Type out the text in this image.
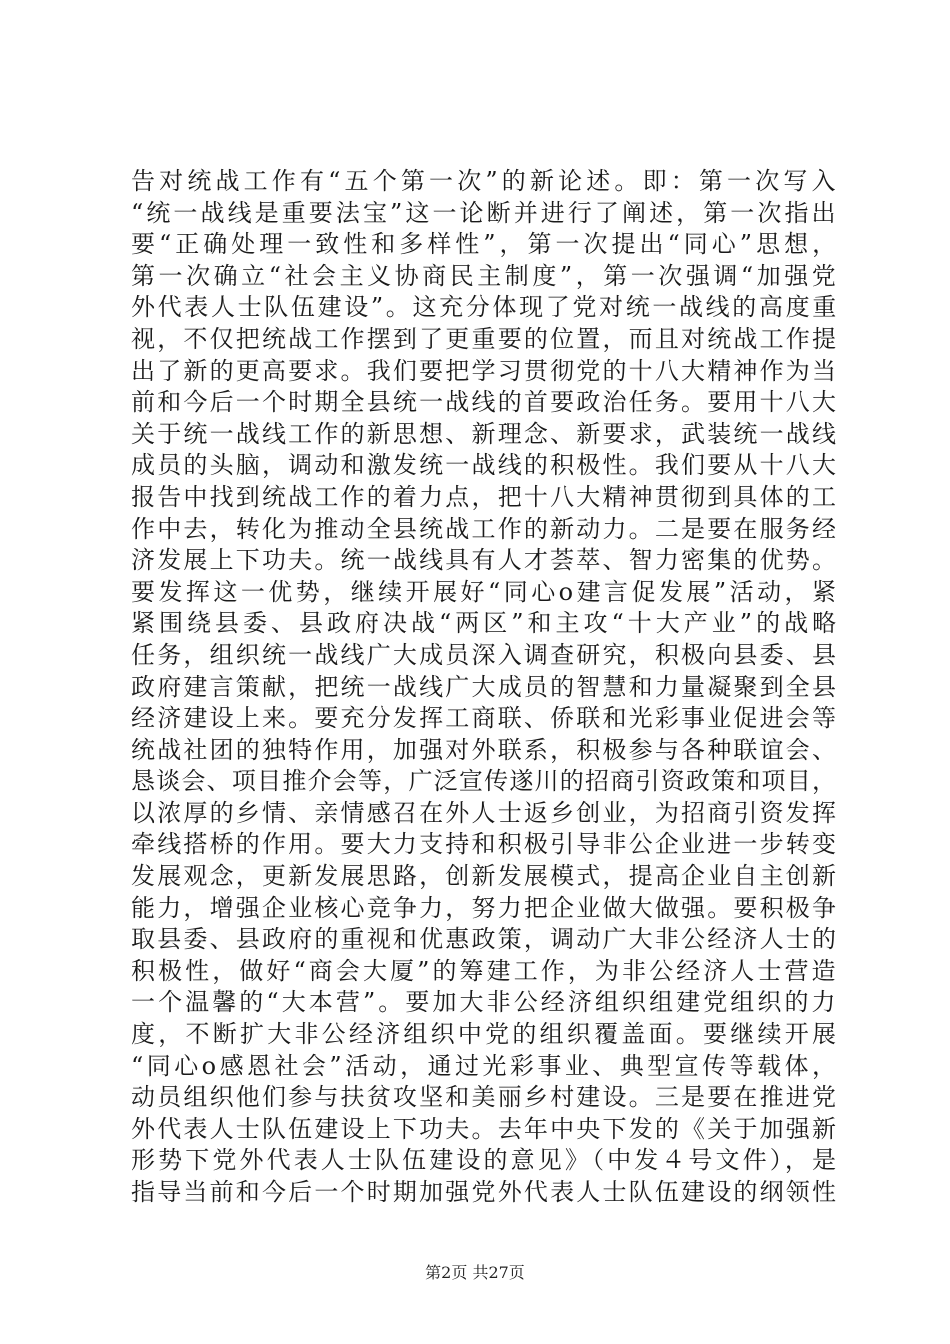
告对统战工作有“五个第一次”的新论述。即：第一次写入
“统一战线是重要法宝”这一论断并进行了阐述，第一次指出
要“正确处理一致性和多样性”，第一次提出“同心”思想，
第一次确立“社会主义协商民主制度”，第一次强调“加强党
外代表人士队伍建设”。这充分体现了党对统一战线的高度重
视，不仅把统战工作摆到了更重要的位置，而且对统战工作提
出了新的更高要求。我们要把学习贯彻党的十八大精神作为当
前和今后一个时期全县统一战线的首要政治任务。要用十八大
关于统一战线工作的新思想、新理念、新要求，武装统一战线
成员的头脑，调动和激发统一战线的积极性。我们要从十八大
报告中找到统战工作的着力点，把十八大精神贯彻到具体的工
作中去，转化为推动全县统战工作的新动力。二是要在服务经
济发展上下功夫。统一战线具有人才荟萃、智力密集的优势。
要发挥这一优势，继续开展好“同心o建言促发展”活动，紧
紧围绕县委、县政府决战“两区”和主攻“十大产业”的战略
任务，组织统一战线广大成员深入调查研究，积极向县委、县
政府建言策献，把统一战线广大成员的智慧和力量凝聚到全县
经济建设上来。要充分发挥工商联、侨联和光彩事业促进会等
统战社团的独特作用，加强对外联系，积极参与各种联谊会、
恳谈会、项目推介会等，广泛宣传遂川的招商引资政策和项目，
以浓厚的乡情、亲情感召在外人士返乡创业，为招商引资发挥
牵线搭桥的作用。要大力支持和积极引导非公企业进一步转变
发展观念，更新发展思路，创新发展模式，提高企业自主创新
能力，增强企业核心竞争力，努力把企业做大做强。要积极争
取县委、县政府的重视和优惠政策，调动广大非公经济人士的
积极性，做好“商会大厦”的筹建工作，为非公经济人士营造
一个温馨的“大本营”。要加大非公经济组织组建党组织的力
度，不断扩大非公经济组织中党的组织覆盖面。要继续开展
“同心o感恩社会”活动，通过光彩事业、典型宣传等载体，
动员组织他们参与扶贫攻坚和美丽乡村建设。三是要在推进党
外代表人士队伍建设上下功夫。去年中央下发的《关于加强新
形势下党外代表人士队伍建设的意见》（中发４号文件），是
指导当前和今后一个时期加强党外代表人士队伍建设的纲领性
第2页 共27页
